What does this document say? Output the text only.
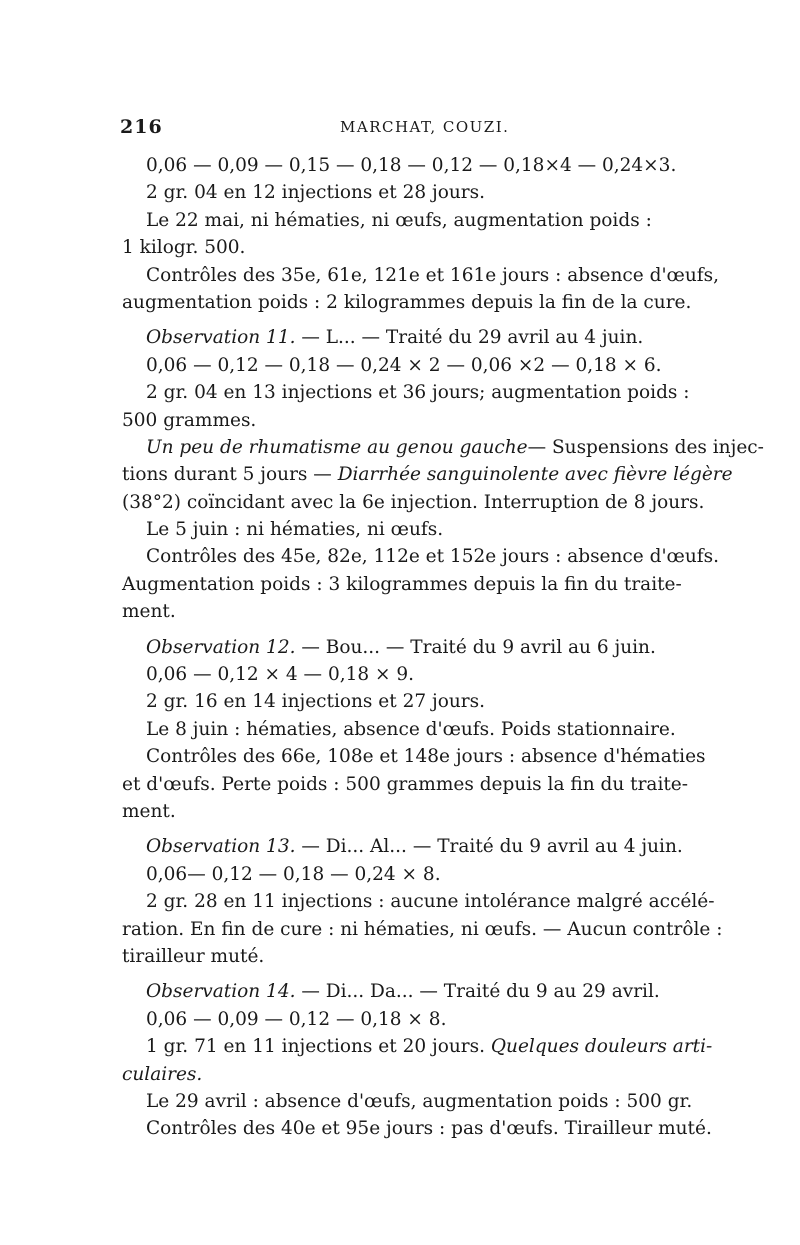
216	MARCHAT, COUZI.
0,06 — 0,09 — 0,15 — 0,18 — 0,12 — 0,18×4 — 0,24×3.
2 gr. 04 en 12 injections et 28 jours.
Le 22 mai, ni hématies, ni œufs, augmentation poids :
1 kilogr. 500.
Contrôles des 35e, 61e, 121e et 161e jours : absence d'œufs,
augmentation poids : 2 kilogrammes depuis la fin de la cure.
Observation 11. — L... — Traité du 29 avril au 4 juin.
0,06 — 0,12 — 0,18 — 0,24 × 2 — 0,06 ×2 — 0,18 × 6.
2 gr. 04 en 13 injections et 36 jours; augmentation poids :
500 grammes.
Un peu de rhumatisme au genou gauche— Suspensions des injec-
tions durant 5 jours — Diarrhée sanguinolente avec fièvre légère
(38°2) coïncidant avec la 6e injection. Interruption de 8 jours.
Le 5 juin : ni hématies, ni œufs.
Contrôles des 45e, 82e, 112e et 152e jours : absence d'œufs.
Augmentation poids : 3 kilogrammes depuis la fin du traite-
ment.
Observation 12. — Bou... — Traité du 9 avril au 6 juin.
0,06 — 0,12 × 4 — 0,18 × 9.
2 gr. 16 en 14 injections et 27 jours.
Le 8 juin : hématies, absence d'œufs. Poids stationnaire.
Contrôles des 66e, 108e et 148e jours : absence d'hématies
et d'œufs. Perte poids : 500 grammes depuis la fin du traite-
ment.
Observation 13. — Di... Al... — Traité du 9 avril au 4 juin.
0,06— 0,12 — 0,18 — 0,24 × 8.
2 gr. 28 en 11 injections : aucune intolérance malgré accélé-
ration. En fin de cure : ni hématies, ni œufs. — Aucun contrôle :
tirailleur muté.
Observation 14. — Di... Da... — Traité du 9 au 29 avril.
0,06 — 0,09 — 0,12 — 0,18 × 8.
1 gr. 71 en 11 injections et 20 jours. Quelques douleurs arti-
culaires.
Le 29 avril : absence d'œufs, augmentation poids : 500 gr.
Contrôles des 40e et 95e jours : pas d'œufs. Tirailleur muté.
